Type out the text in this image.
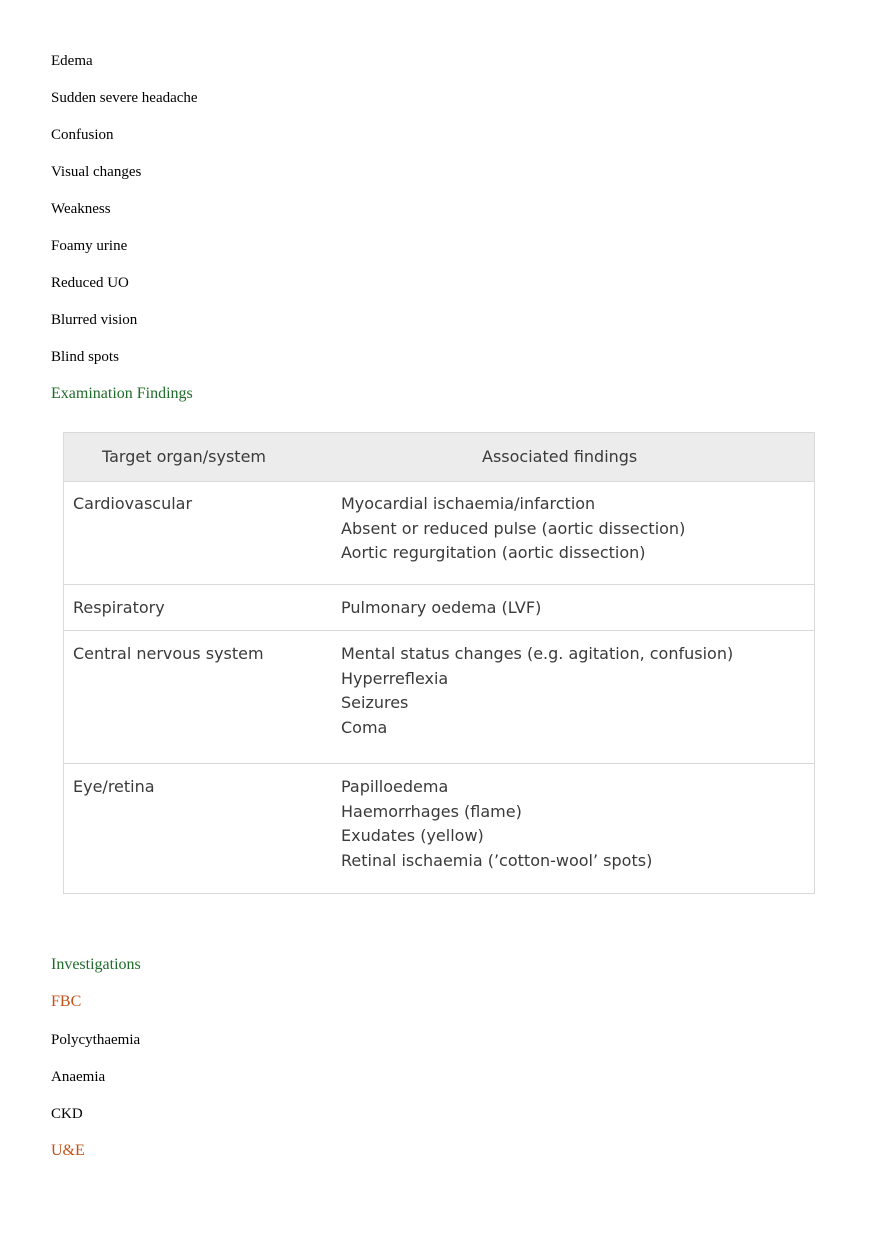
Edema
Sudden severe headache
Confusion
Visual changes
Weakness
Foamy urine
Reduced UO
Blurred vision
Blind spots
Examination Findings
Target organ/system	Associated findings
Cardiovascular	Myocardial ischaemia/infarction
Absent or reduced pulse (aortic dissection)
Aortic regurgitation (aortic dissection)
Respiratory	Pulmonary oedema (LVF)
Central nervous system	Mental status changes (e.g. agitation, confusion)
Hyperreflexia
Seizures
Coma
Eye/retina	Papilloedema
Haemorrhages (flame)
Exudates (yellow)
Retinal ischaemia (’cotton-wool’ spots)
Investigations
FBC
Polycythaemia
Anaemia
CKD
U&E
